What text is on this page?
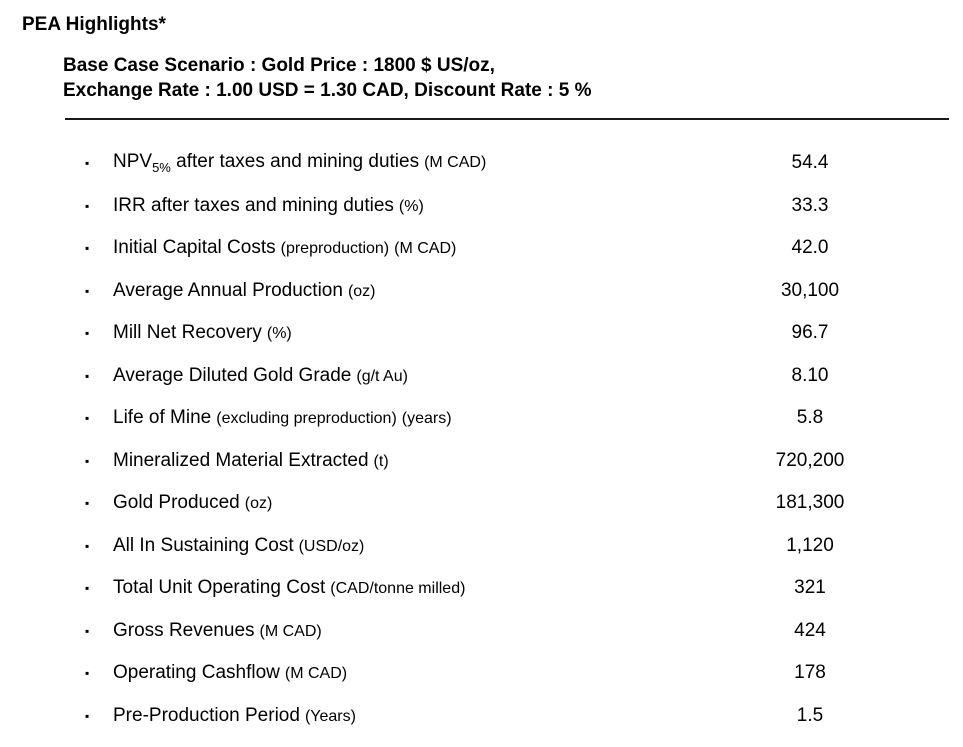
PEA Highlights*
Base Case Scenario : Gold Price : 1800 $ US/oz,
Exchange Rate : 1.00 USD = 1.30 CAD, Discount Rate : 5 %
▪	$NPV_{5\%}$ after taxes and mining duties (M CAD)	54.4
▪	IRR after taxes and mining duties (%)	33.3
▪	Initial Capital Costs (preproduction) (M CAD)	42.0
▪	Average Annual Production (oz)	30,100
▪	Mill Net Recovery (%)	96.7
▪	Average Diluted Gold Grade (g/t Au)	8.10
▪	Life of Mine (excluding preproduction) (years)	5.8
▪	Mineralized Material Extracted (t)	720,200
▪	Gold Produced (oz)	181,300
▪	All In Sustaining Cost (USD/oz)	1,120
▪	Total Unit Operating Cost (CAD/tonne milled)	321
▪	Gross Revenues (M CAD)	424
▪	Operating Cashflow (M CAD)	178
▪	Pre-Production Period (Years)	1.5
